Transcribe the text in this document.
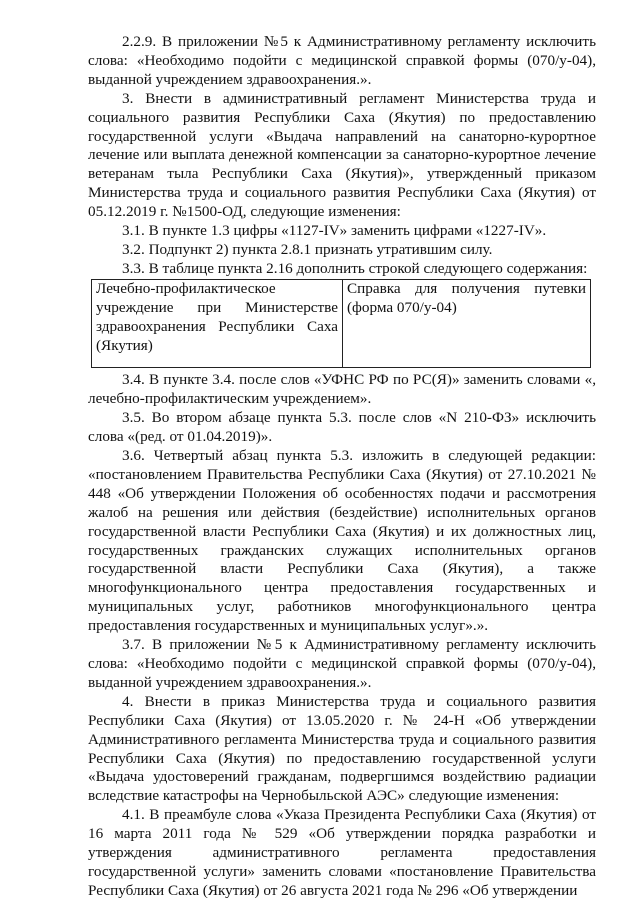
2.2.9. В приложении №5 к Административному регламенту исключить слова: «Необходимо подойти с медицинской справкой формы (070/у-04), выданной учреждением здравоохранения.».

3. Внести в административный регламент Министерства труда и социального развития Республики Саха (Якутия) по предоставлению государственной услуги «Выдача направлений на санаторно-курортное лечение или выплата денежной компенсации за санаторно-курортное лечение ветеранам тыла Республики Саха (Якутия)», утвержденный приказом Министерства труда и социального развития Республики Саха (Якутия) от 05.12.2019 г. №1500-ОД, следующие изменения:

3.1. В пункте 1.3 цифры «1127-IV» заменить цифрами «1227-IV».

3.2. Подпункт 2) пункта 2.8.1 признать утратившим силу.

3.3. В таблице пункта 2.16 дополнить строкой следующего содержания:

Лечебно-профилактическое учреждение при Министерстве здравоохранения Республики Саха (Якутия)	Справка для получения путевки (форма 070/у-04)

3.4. В пункте 3.4. после слов «УФНС РФ по РС(Я)» заменить словами «, лечебно-профилактическим учреждением».

3.5. Во втором абзаце пункта 5.3. после слов «N 210-ФЗ» исключить слова «(ред. от 01.04.2019)».

3.6. Четвертый абзац пункта 5.3. изложить в следующей редакции: «постановлением Правительства Республики Саха (Якутия) от 27.10.2021 № 448 «Об утверждении Положения об особенностях подачи и рассмотрения жалоб на решения или действия (бездействие) исполнительных органов государственной власти Республики Саха (Якутия) и их должностных лиц, государственных гражданских служащих исполнительных органов государственной власти Республики Саха (Якутия), а также многофункционального центра предоставления государственных и муниципальных услуг, работников многофункционального центра предоставления государственных и муниципальных услуг».».

3.7. В приложении №5 к Административному регламенту исключить слова: «Необходимо подойти с медицинской справкой формы (070/у-04), выданной учреждением здравоохранения.».

4. Внести в приказ Министерства труда и социального развития Республики Саха (Якутия) от 13.05.2020 г. № 24-Н «Об утверждении Административного регламента Министерства труда и социального развития Республики Саха (Якутия) по предоставлению государственной услуги «Выдача удостоверений гражданам, подвергшимся воздействию радиации вследствие катастрофы на Чернобыльской АЭС» следующие изменения:

4.1. В преамбуле слова «Указа Президента Республики Саха (Якутия) от 16 марта 2011 года № 529 «Об утверждении порядка разработки и утверждения административного регламента предоставления государственной услуги» заменить словами «постановление Правительства Республики Саха (Якутия) от 26 августа 2021 года № 296 «Об утверждении
